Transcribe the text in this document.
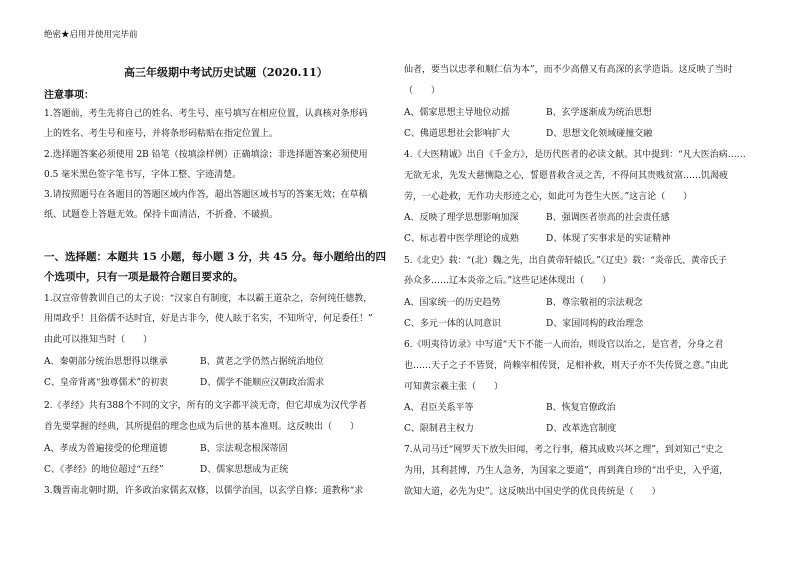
绝密★启用并使用完毕前
高三年级期中考试历史试题（2020.11）
注意事项：
1.答题前，考生先将自己的姓名、考生号、座号填写在相应位置，认真核对条形码
上的姓名、考生号和座号，并将条形码粘贴在指定位置上。
2.选择题答案必须使用 2B 铅笔（按填涂样例）正确填涂；非选择题答案必须使用
0.5 毫米黑色签字笔书写，字体工整、字迹清楚。
3.请按照题号在各题目的答题区域内作答，超出答题区域书写的答案无效；在草稿
纸、试题卷上答题无效。保持卡面清洁，不折叠、不破损。
一、选择题：本题共 15 小题，每小题 3 分，共 45 分。每小题给出的四
个选项中，只有一项是最符合题目要求的。
1.汉宣帝曾教训自己的太子说：“汉家自有制度，本以霸王道杂之，奈何纯任德教，
用周政乎！且俗儒不达时宜，好是古非今，使人眩于名实，不知所守，何足委任！”
由此可以推知当时（　　）
A、秦朝部分统治思想得以继承	B、黄老之学仍然占据统治地位
C、皇帝背离“独尊儒术”的初衷	D、儒学不能顺应汉朝政治需求
2.《孝经》共有388个不同的文字，所有的文字都平淡无奇，但它却成为汉代学者
首先要掌握的经典，其所提倡的理念也成为后世的基本准则。这反映出（　　）
A、孝成为普遍接受的伦理道德	B、宗法观念根深蒂固
C、《孝经》的地位超过“五经”	D、儒家思想成为正统
3.魏晋南北朝时期，许多政治家儒玄双修，以儒学治国，以玄学自修；道教称“求
仙者，要当以忠孝和顺仁信为本”，而不少高僧又有高深的玄学造诣。这反映了当时
（　　）
A、儒家思想主导地位动摇	B、玄学逐渐成为统治思想
C、佛道思想社会影响扩大	D、思想文化领域碰撞交融
4.《大医精诚》出自《千金方》，是历代医者的必读文献。其中提到：“凡大医治病……
无欲无求，先发大慈恻隐之心，誓愿普救含灵之苦，不得问其贵贱贫富……饥渴疲
劳，一心赴救，无作功夫形迹之心，如此可为苍生大医。”这言论（　　）
A、反映了理学思想影响加深	B、强调医者崇高的社会责任感
C、标志着中医学理论的成熟	D、体现了实事求是的实证精神
5.《北史》载：“(北）魏之先，出自黄帝轩辕氏。”《辽史》载：“炎帝氏、黄帝氏子
孙众多……辽本炎帝之后。”这些记述体现出（　　）
A、国家统一的历史趋势	B、尊宗敬祖的宗法观念
C、多元一体的认同意识	D、家国同构的政治理念
6.《明夷待访录》中写道“天下不能一人而治，则设官以治之，是官者，分身之君
也……天子之子不皆贤，尚赖宰相传贤，足相补救，则天子亦不失传贤之意。”由此
可知黄宗羲主张（　　）
A、君臣关系平等	B、恢复官僚政治
C、限制君主权力	D、改革选官制度
7.从司马迁“网罗天下放失旧闻，考之行事，稽其成败兴坏之理”，到刘知己“史之
为用，其利甚博，乃生人急务，为国家之要道”，再到龚自珍的“出乎史，入乎道，
欲知大道，必先为史”。这反映出中国史学的优良传统是（　　）
